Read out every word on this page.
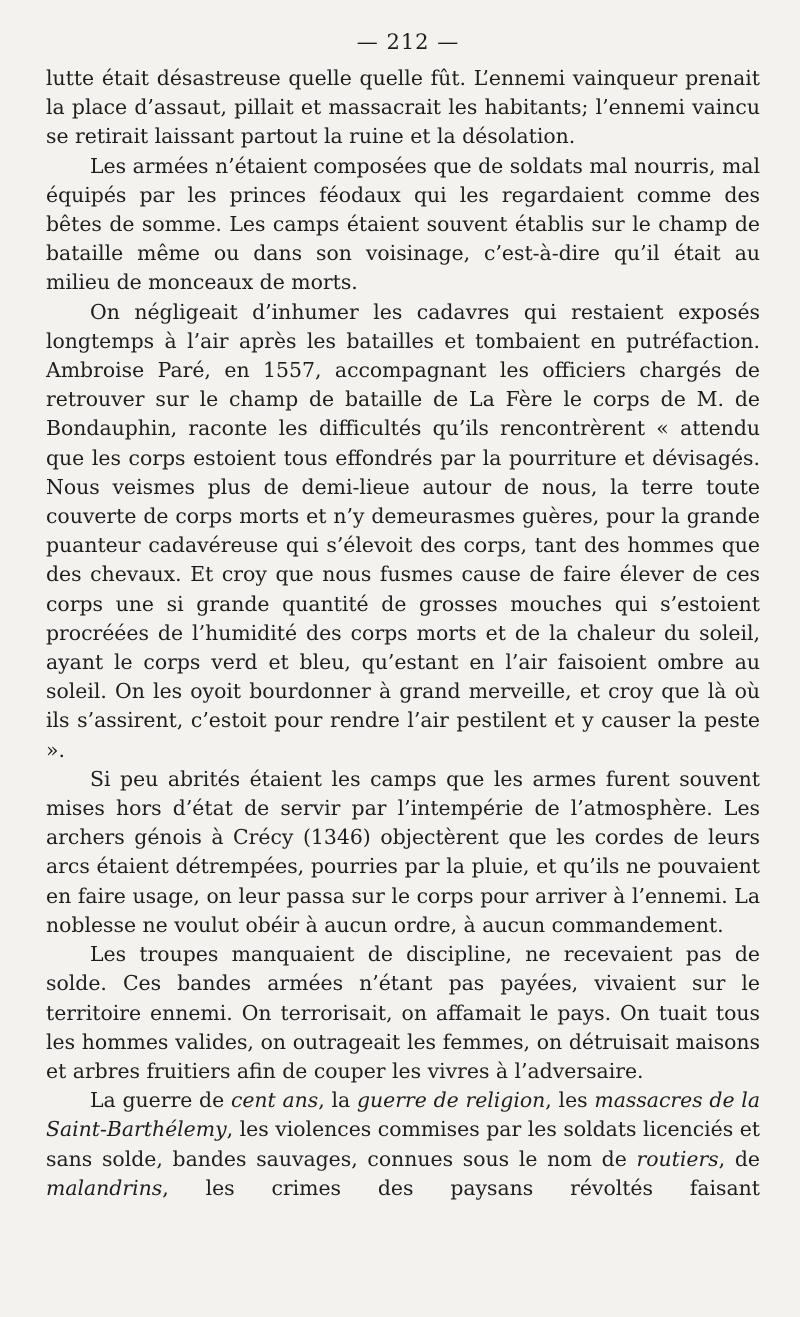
— 212 —

lutte était désastreuse quelle quelle fût. L’ennemi vainqueur prenait la place d’assaut, pillait et massacrait les habitants; l’ennemi vaincu se retirait laissant partout la ruine et la désolation.

Les armées n’étaient composées que de soldats mal nourris, mal équipés par les princes féodaux qui les regardaient comme des bêtes de somme. Les camps étaient souvent établis sur le champ de bataille même ou dans son voisinage, c’est-à-dire qu’il était au milieu de monceaux de morts.

On négligeait d’inhumer les cadavres qui restaient exposés longtemps à l’air après les batailles et tombaient en putréfaction. Ambroise Paré, en 1557, accompagnant les officiers chargés de retrouver sur le champ de bataille de La Fère le corps de M. de Bondauphin, raconte les difficultés qu’ils rencontrèrent « attendu que les corps estoient tous effondrés par la pourriture et dévisagés. Nous veismes plus de demi-lieue autour de nous, la terre toute couverte de corps morts et n’y demeurasmes guères, pour la grande puanteur cadavéreuse qui s’élevoit des corps, tant des hommes que des chevaux. Et croy que nous fusmes cause de faire élever de ces corps une si grande quantité de grosses mouches qui s’estoient procréées de l’humidité des corps morts et de la chaleur du soleil, ayant le corps verd et bleu, qu’estant en l’air faisoient ombre au soleil. On les oyoit bourdonner à grand merveille, et croy que là où ils s’assirent, c’estoit pour rendre l’air pestilent et y causer la peste ».

Si peu abrités étaient les camps que les armes furent souvent mises hors d’état de servir par l’intempérie de l’atmosphère. Les archers génois à Crécy (1346) objectèrent que les cordes de leurs arcs étaient détrempées, pourries par la pluie, et qu’ils ne pouvaient en faire usage, on leur passa sur le corps pour arriver à l’ennemi. La noblesse ne voulut obéir à aucun ordre, à aucun commandement.

Les troupes manquaient de discipline, ne recevaient pas de solde. Ces bandes armées n’étant pas payées, vivaient sur le territoire ennemi. On terrorisait, on affamait le pays. On tuait tous les hommes valides, on outrageait les femmes, on détruisait maisons et arbres fruitiers afin de couper les vivres à l’adversaire.

La guerre de cent ans, la guerre de religion, les massacres de la Saint-Barthélemy, les violences commises par les soldats licenciés et sans solde, bandes sauvages, connues sous le nom de routiers, de malandrins, les crimes des paysans révoltés faisant
